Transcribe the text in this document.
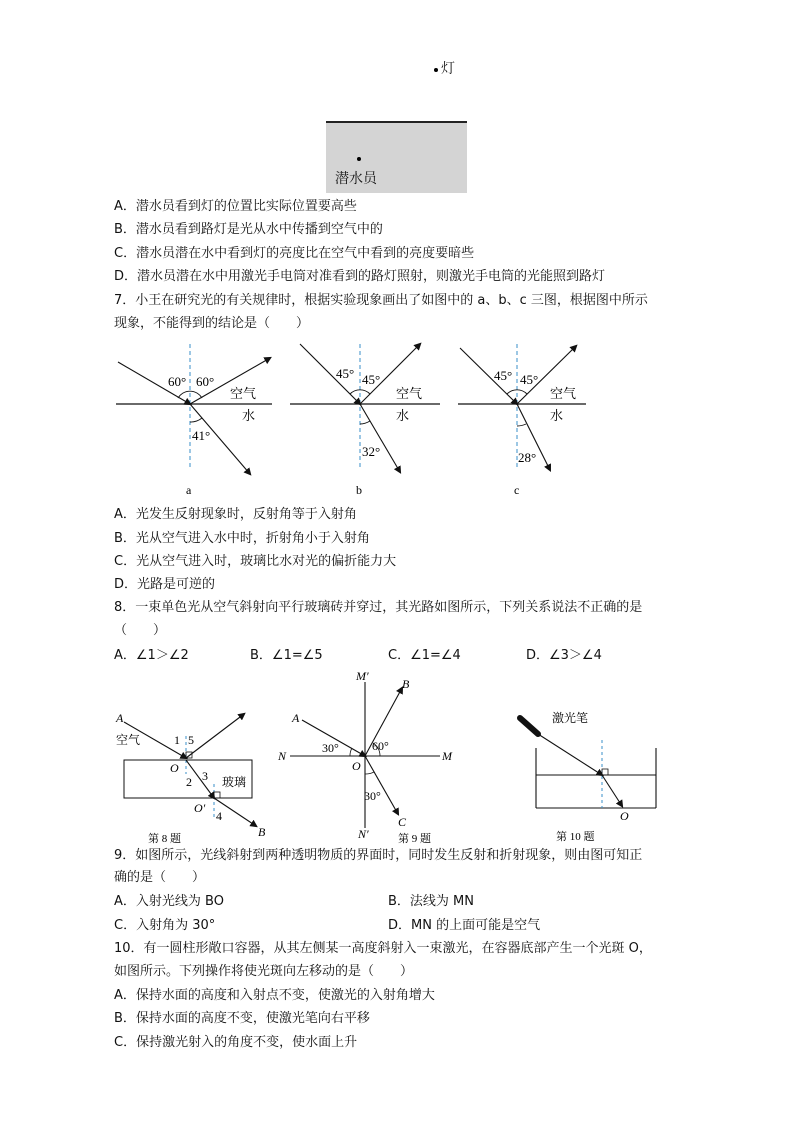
灯
潜水员
A．潜水员看到灯的位置比实际位置要高些
B．潜水员看到路灯是光从水中传播到空气中的
C．潜水员潜在水中看到灯的亮度比在空气中看到的亮度要暗些
D．潜水员潜在水中用激光手电筒对准看到的路灯照射，则激光手电筒的光能照到路灯
7．小王在研究光的有关规律时，根据实验现象画出了如图中的 a、b、c 三图，根据图中所示
现象，不能得到的结论是（　　）
60° 60°
空气
水
41°
a
45° 45°
空气
水
32°
b
45° 45°
空气
水
28°
c
A．光发生反射现象时，反射角等于入射角
B．光从空气进入水中时，折射角小于入射角
C．光从空气进入时，玻璃比水对光的偏折能力大
D．光路是可逆的
8．一束单色光从空气斜射向平行玻璃砖并穿过，其光路如图所示，下列关系说法不正确的是
（　　）
A．∠1＞∠2	B．∠1=∠5	C．∠1=∠4	D．∠3＞∠4
A
空气	1 5
O
3
2	玻璃
O′
4
B
第 8 题
M′
B
A
N	M
30°	60°
O
30°
C
N′	第 9 题
激光笔
O
第 10 题
9．如图所示，光线斜射到两种透明物质的界面时，同时发生反射和折射现象，则由图可知正
确的是（　　）
A．入射光线为 BO	B．法线为 MN
C．入射角为 30°	D．MN 的上面可能是空气
10．有一圆柱形敞口容器，从其左侧某一高度斜射入一束激光，在容器底部产生一个光斑 O，
如图所示。下列操作将使光斑向左移动的是（　　）
A．保持水面的高度和入射点不变，使激光的入射角增大
B．保持水面的高度不变，使激光笔向右平移
C．保持激光射入的角度不变，使水面上升
